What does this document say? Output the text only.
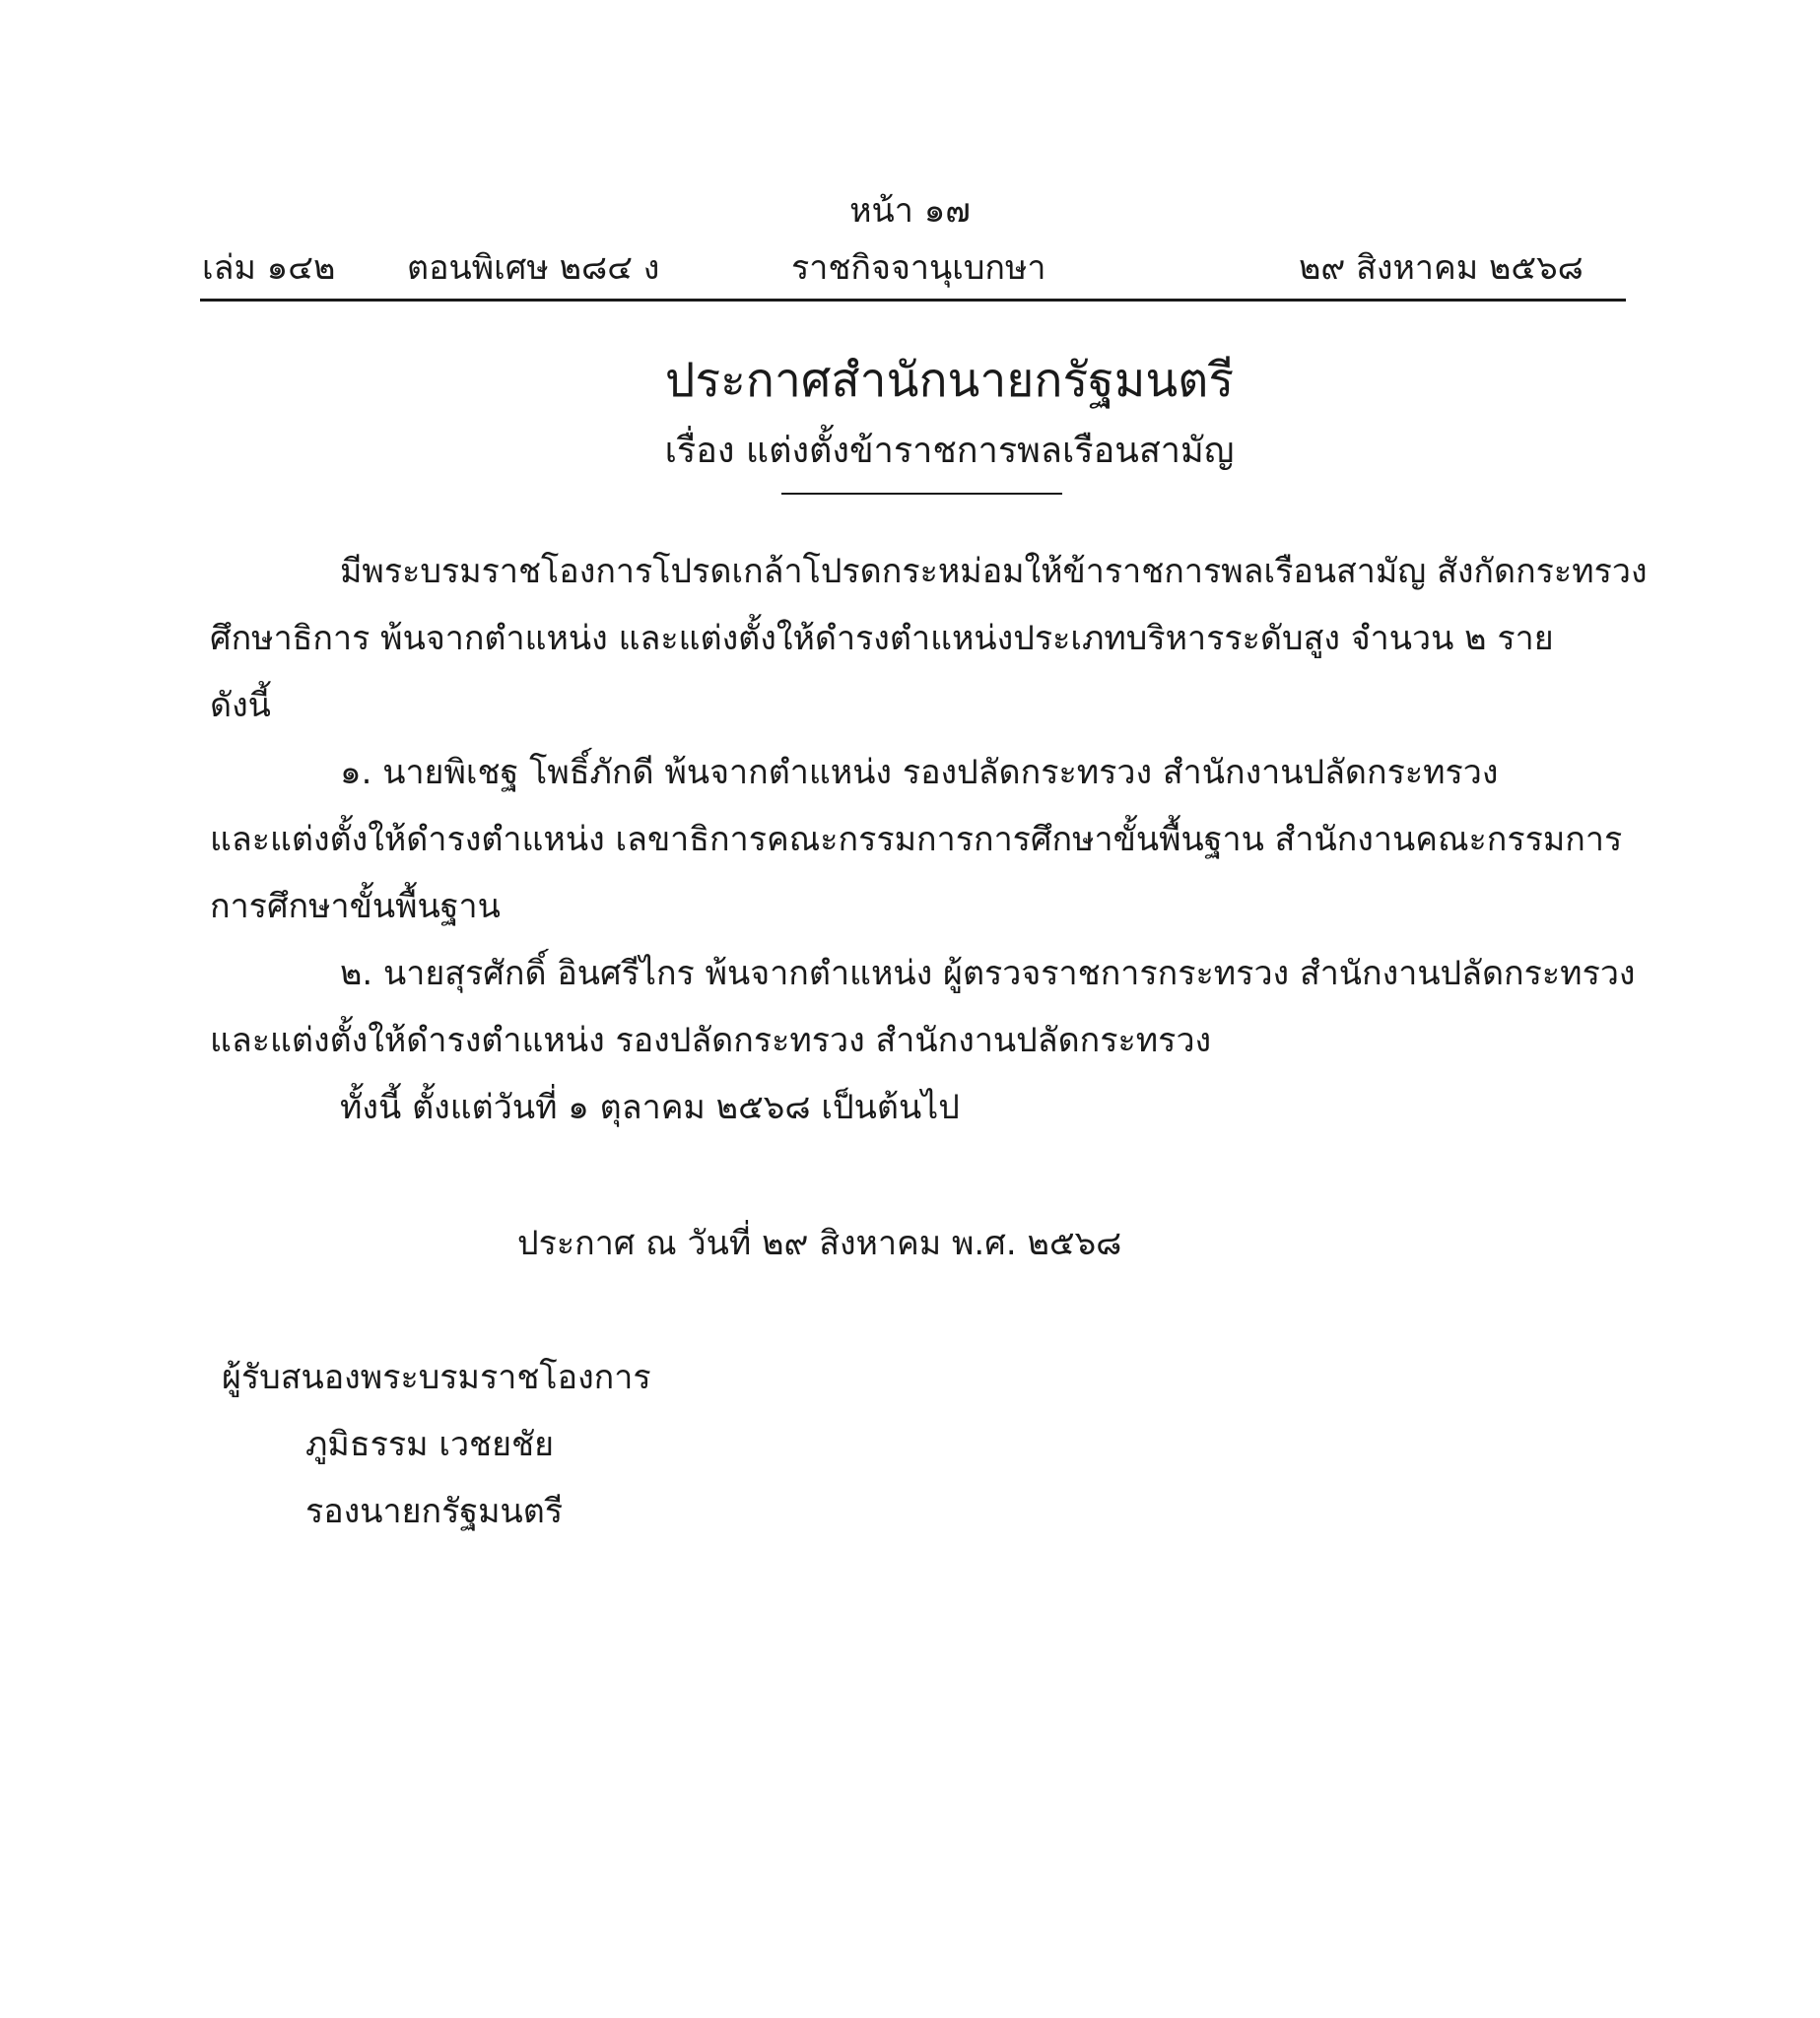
หน้า ๑๗
เล่ม ๑๔๒ ตอนพิเศษ ๒๘๔ ง	ราชกิจจานุเบกษา	๒๙ สิงหาคม ๒๕๖๘
ประกาศสำนักนายกรัฐมนตรี
เรื่อง แต่งตั้งข้าราชการพลเรือนสามัญ
มีพระบรมราชโองการโปรดเกล้าโปรดกระหม่อมให้ข้าราชการพลเรือนสามัญ สังกัดกระทรวง
ศึกษาธิการ พ้นจากตำแหน่ง และแต่งตั้งให้ดำรงตำแหน่งประเภทบริหารระดับสูง จำนวน ๒ ราย
ดังนี้
๑. นายพิเชฐ โพธิ์ภักดี พ้นจากตำแหน่ง รองปลัดกระทรวง สำนักงานปลัดกระทรวง
และแต่งตั้งให้ดำรงตำแหน่ง เลขาธิการคณะกรรมการการศึกษาขั้นพื้นฐาน สำนักงานคณะกรรมการ
การศึกษาขั้นพื้นฐาน
๒. นายสุรศักดิ์ อินศรีไกร พ้นจากตำแหน่ง ผู้ตรวจราชการกระทรวง สำนักงานปลัดกระทรวง
และแต่งตั้งให้ดำรงตำแหน่ง รองปลัดกระทรวง สำนักงานปลัดกระทรวง
ทั้งนี้ ตั้งแต่วันที่ ๑ ตุลาคม ๒๕๖๘ เป็นต้นไป
ประกาศ ณ วันที่ ๒๙ สิงหาคม พ.ศ. ๒๕๖๘
ผู้รับสนองพระบรมราชโองการ
ภูมิธรรม เวชยชัย
รองนายกรัฐมนตรี
